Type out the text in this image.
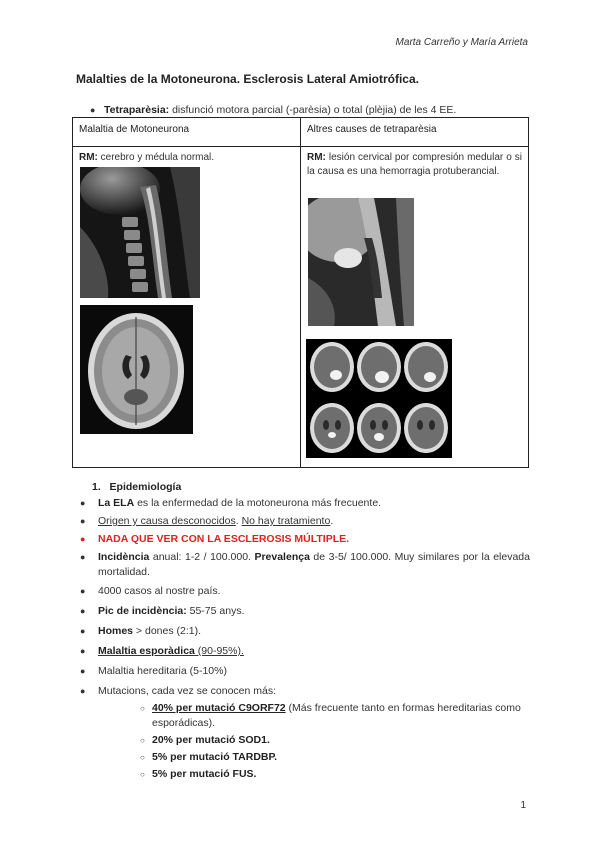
Marta Carreño y María Arrieta
Malalties de la Motoneurona. Esclerosis Lateral Amiotrófica.
● Tetraparèsia: disfunció motora parcial (-parèsia) o total (plèjia) de les 4 EE.
Malaltia de Motoneurona	Altres causes de tetraparèsia

RM: cerebro y médula normal.	RM: lesión cervical por compresión medular o si la causa es una hemorragia protuberancial.
1. Epidemiología
● La ELA es la enfermedad de la motoneurona más frecuente.
● Origen y causa desconocidos. No hay tratamiento.
● NADA QUE VER CON LA ESCLEROSIS MÚLTIPLE.
● Incidència anual: 1-2 / 100.000. Prevalença de 3-5/ 100.000. Muy similares por la elevada mortalidad.
● 4000 casos al nostre país.
● Pic de incidència: 55-75 anys.
● Homes > dones (2:1).
● Malaltia esporàdica (90-95%).
● Malaltia hereditaria (5-10%)
● Mutacions, cada vez se conocen más:
○ 40% per mutació C9ORF72 (Más frecuente tanto en formas hereditarias como esporádicas).
○ 20% per mutació SOD1.
○ 5% per mutació TARDBP.
○ 5% per mutació FUS.
1
